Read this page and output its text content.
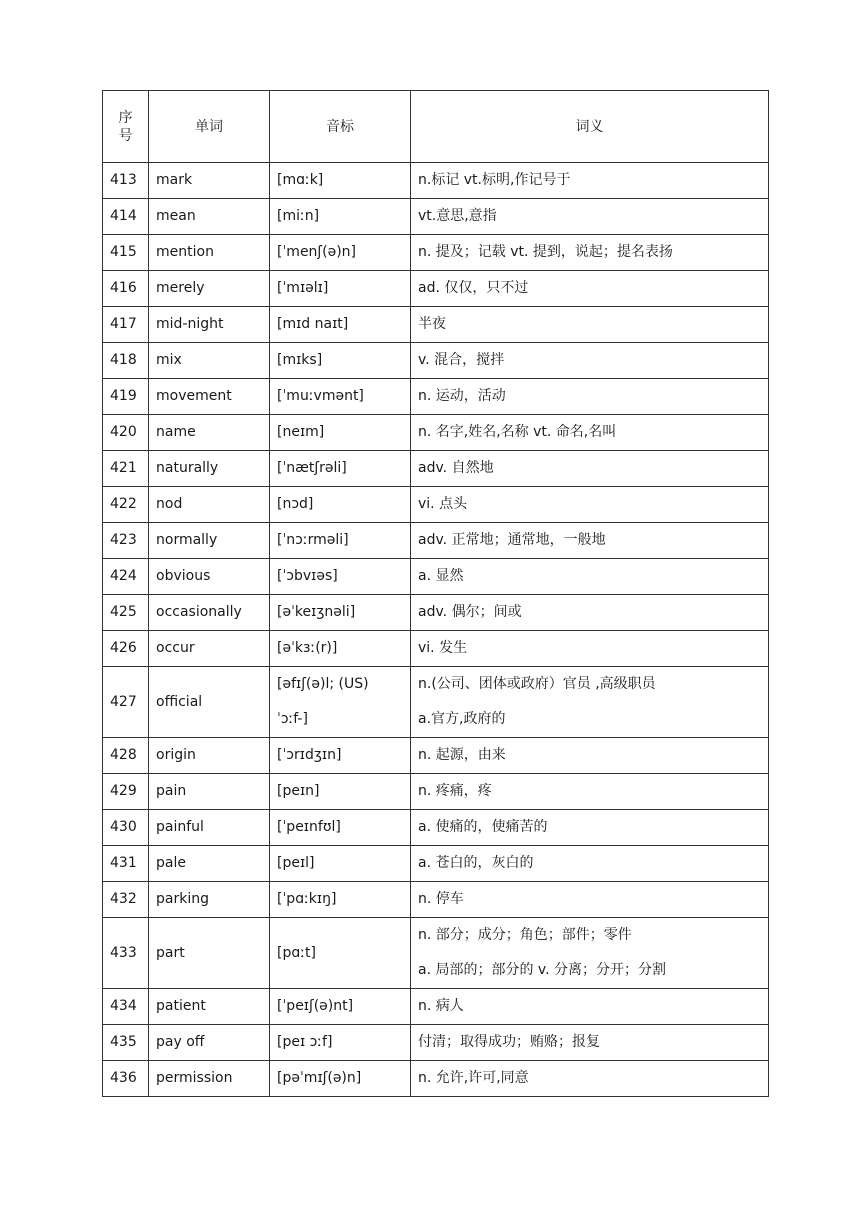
序号	单词	音标	词义
413	mark	[mɑːk]	n.标记 vt.标明,作记号于

414	mean	[miːn]	vt.意思,意指

415	mention	[ˈmenʃ(ə)n]	n. 提及；记载 vt. 提到，说起；提名表扬

416	merely	[ˈmɪəlɪ]	ad. 仅仅，只不过

417	mid-night	[mɪd naɪt]	半夜

418	mix	[mɪks]	v. 混合，搅拌

419	movement	[ˈmuːvmənt]	n. 运动，活动

420	name	[neɪm]	n. 名字,姓名,名称 vt. 命名,名叫

421	naturally	[ˈnætʃrəli]	adv. 自然地

422	nod	[nɔd]	vi. 点头

423	normally	[ˈnɔːrməli]	adv. 正常地；通常地，一般地

424	obvious	[ˈɔbvɪəs]	a. 显然

425	occasionally	[əˈkeɪʒnəli]	adv. 偶尔；间或

426	occur	[əˈkɜː(r)]	vi. 发生

427	official	[əfɪʃ(ə)l; (US) ˈɔːf-]	n.(公司、团体或政府）官员 ,高级职员
a.官方,政府的

428	origin	[ˈɔrɪdʒɪn]	n. 起源，由来

429	pain	[peɪn]	n. 疼痛，疼

430	painful	[ˈpeɪnfʊl]	a. 使痛的，使痛苦的

431	pale	[peɪl]	a. 苍白的，灰白的

432	parking	[ˈpɑːkɪŋ]	n. 停车

433	part	[pɑːt]	n. 部分；成分；角色；部件；零件
a. 局部的；部分的 v. 分离；分开；分割

434	patient	[ˈpeɪʃ(ə)nt]	n. 病人

435	pay off	[peɪ ɔːf]	付清；取得成功；贿赂；报复

436	permission	[pəˈmɪʃ(ə)n]	n. 允许,许可,同意
